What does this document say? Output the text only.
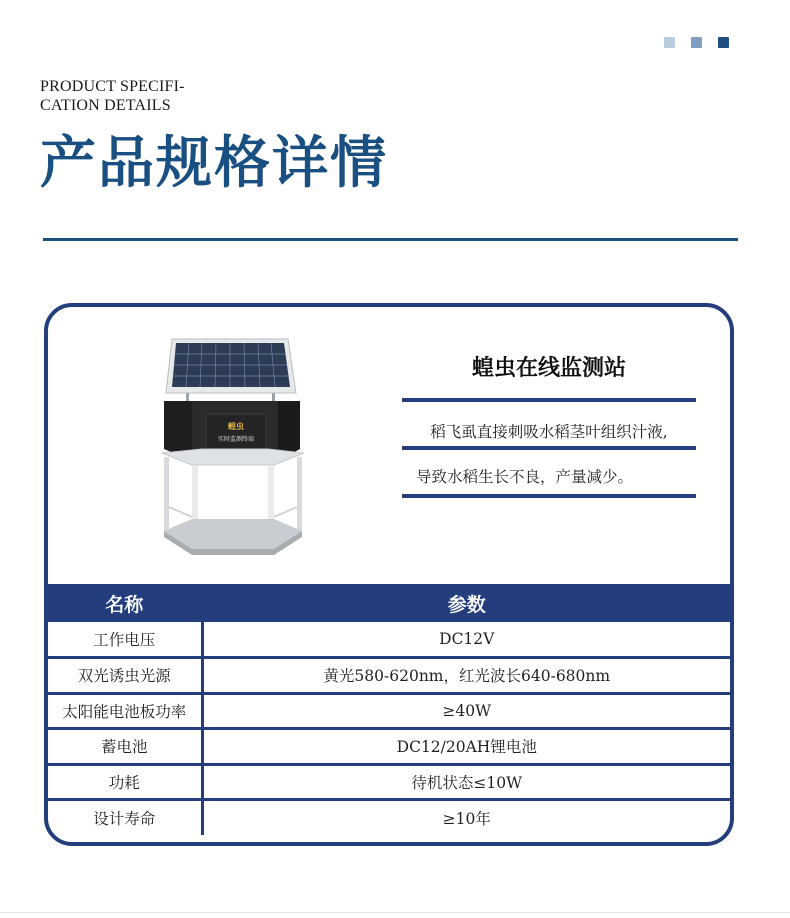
PRODUCT SPECIFI-
CATION DETAILS
产品规格详情
蝗虫
实时监测终端
蝗虫在线监测站
稻飞虱直接刺吸水稻茎叶组织汁液,
导致水稻生长不良，产量减少。
名称	参数
工作电压	DC12V
双光诱虫光源	黄光580-620nm，红光波长640-680nm
太阳能电池板功率	≥40W
蓄电池	DC12/20AH锂电池
功耗	待机状态≤10W
设计寿命	≥10年
